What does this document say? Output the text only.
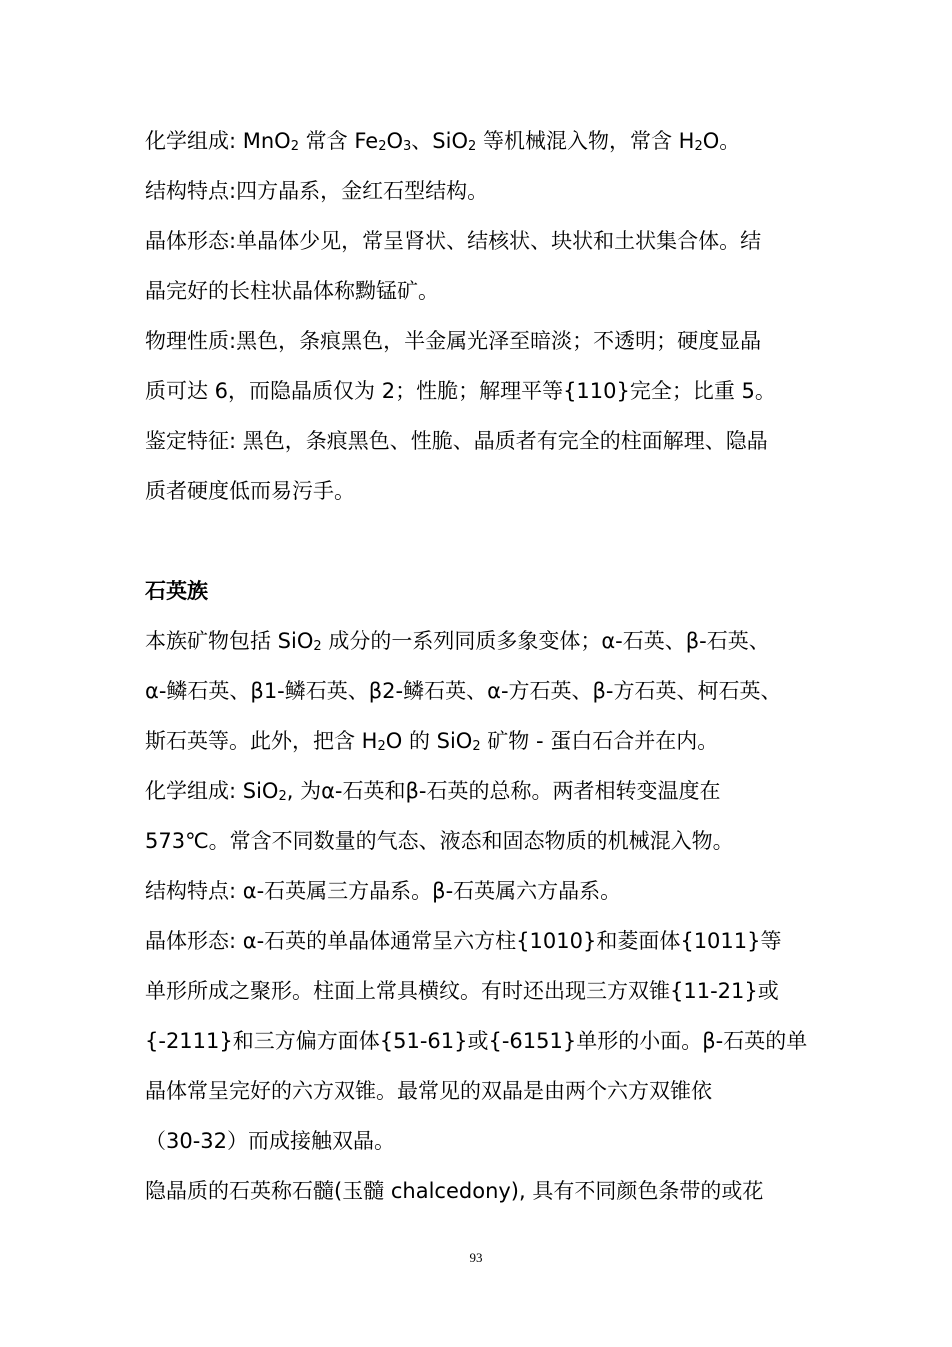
化学组成: MnO$_2$ 常含 $Fe_2O_3$、SiO$_2$ 等机械混入物，常含 $H_2O$。

结构特点:四方晶系，金红石型结构。

晶体形态:单晶体少见，常呈肾状、结核状、块状和土状集合体。结

晶完好的长柱状晶体称黝锰矿。

物理性质:黑色，条痕黑色，半金属光泽至暗淡；不透明；硬度显晶

质可达 6，而隐晶质仅为 2；性脆；解理平等{110}完全；比重 5。

鉴定特征: 黑色，条痕黑色、性脆、晶质者有完全的柱面解理、隐晶

质者硬度低而易污手。

石英族

本族矿物包括 SiO$_2$ 成分的一系列同质多象变体；α-石英、β-石英、

α-鳞石英、β1-鳞石英、β2-鳞石英、α-方石英、β-方石英、柯石英、

斯石英等。此外，把含 $H_2O$ 的 SiO$_2$ 矿物 - 蛋白石合并在内。

化学组成: SiO$_2$, 为α-石英和β-石英的总称。两者相转变温度在

573℃。常含不同数量的气态、液态和固态物质的机械混入物。

结构特点: α-石英属三方晶系。β-石英属六方晶系。

晶体形态: α-石英的单晶体通常呈六方柱{1010}和菱面体{1011}等

单形所成之聚形。柱面上常具横纹。有时还出现三方双锥{11-21}或

{-2111}和三方偏方面体{51-61}或{-6151}单形的小面。β-石英的单

晶体常呈完好的六方双锥。最常见的双晶是由两个六方双锥依

（30-32）而成接触双晶。

隐晶质的石英称石髓(玉髓 chalcedony), 具有不同颜色条带的或花

93
